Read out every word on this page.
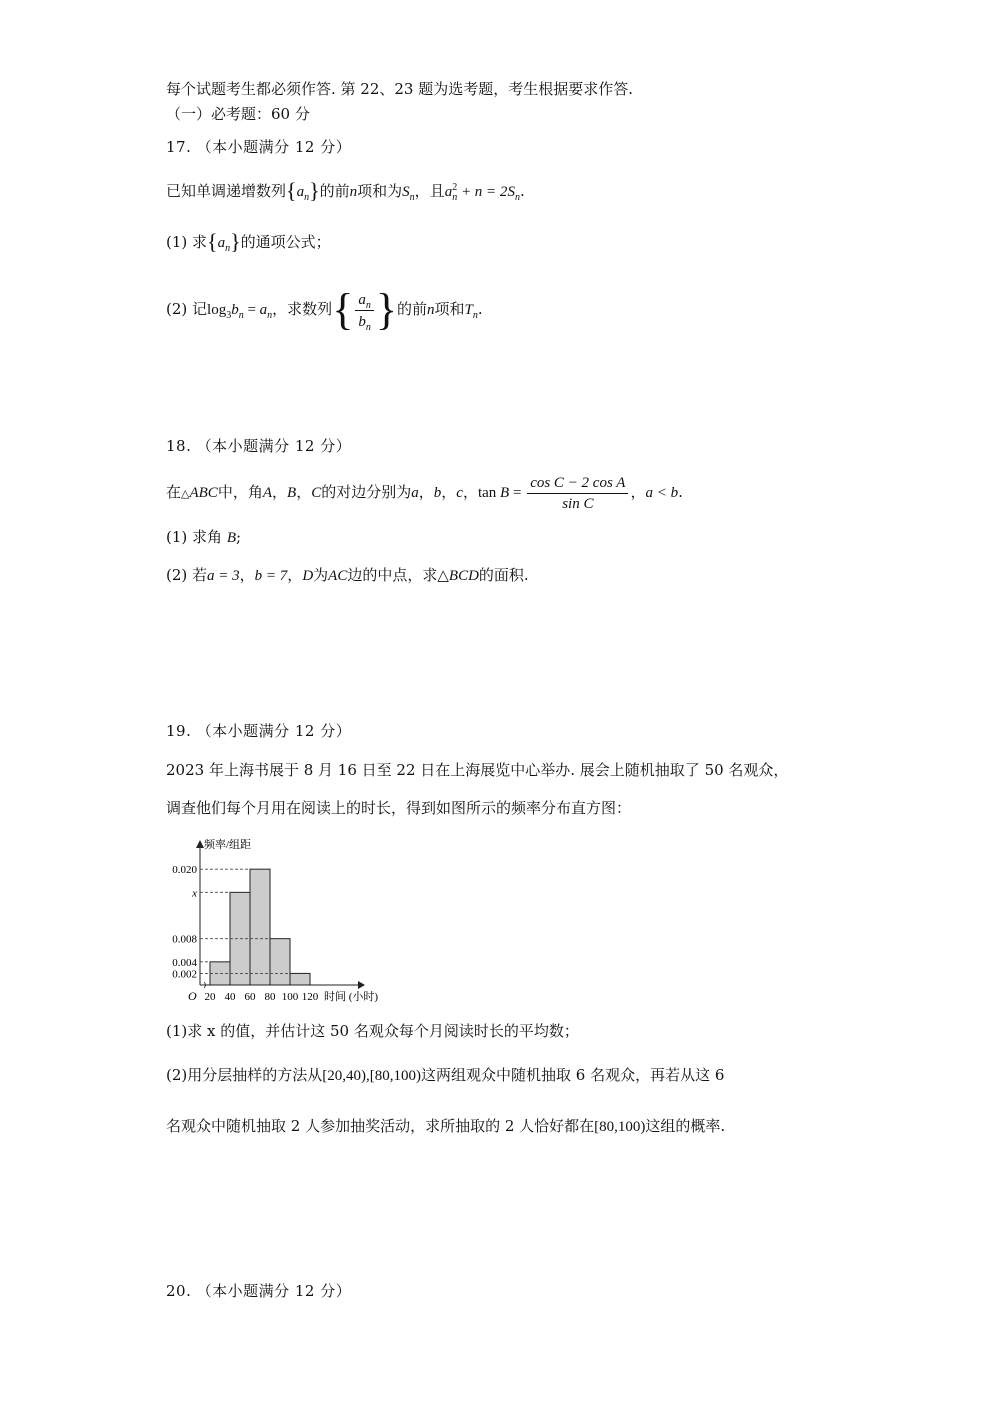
每个试题考生都必须作答. 第 22、23 题为选考题，考生根据要求作答.
（一）必考题：60 分
17. （本小题满分 12 分）
已知单调递增数列$\{a_n\}$的前n项和为$S_n$，且$a^2_n + n = 2S_n$.
(1) 求$\{a_n\}$的通项公式；
(2) 记$\log_3b_n = a_n$，求数列{ $\frac{a_n}{b_n}$ }的前n项和$T_n$.
18. （本小题满分 12 分）
在△ABC中，角A，B，C的对边分别为a，b，c，$\tan B = \frac{\text{cos C − 2 cos A}}{\text{sin C}}$ ，a < b.
(1) 求角 B;
(2) 若a = 3，b = 7，D为AC边的中点，求△BCD的面积.
19. （本小题满分 12 分）
2023 年上海书展于 8 月 16 日至 22 日在上海展览中心举办. 展会上随机抽取了 50 名观众，
调查他们每个月用在阅读上的时长，得到如图所示的频率分布直方图：
0.020
x
0.008
0.004
0.002
20 40 60 80 100 120
O
频率/组距
时间 (小时)
(1)求 x 的值，并估计这 50 名观众每个月阅读时长的平均数；
(2)用分层抽样的方法从[20,40),[80,100)这两组观众中随机抽取 6 名观众，再若从这 6
名观众中随机抽取 2 人参加抽奖活动，求所抽取的 2 人恰好都在[80,100)这组的概率.
20. （本小题满分 12 分）
